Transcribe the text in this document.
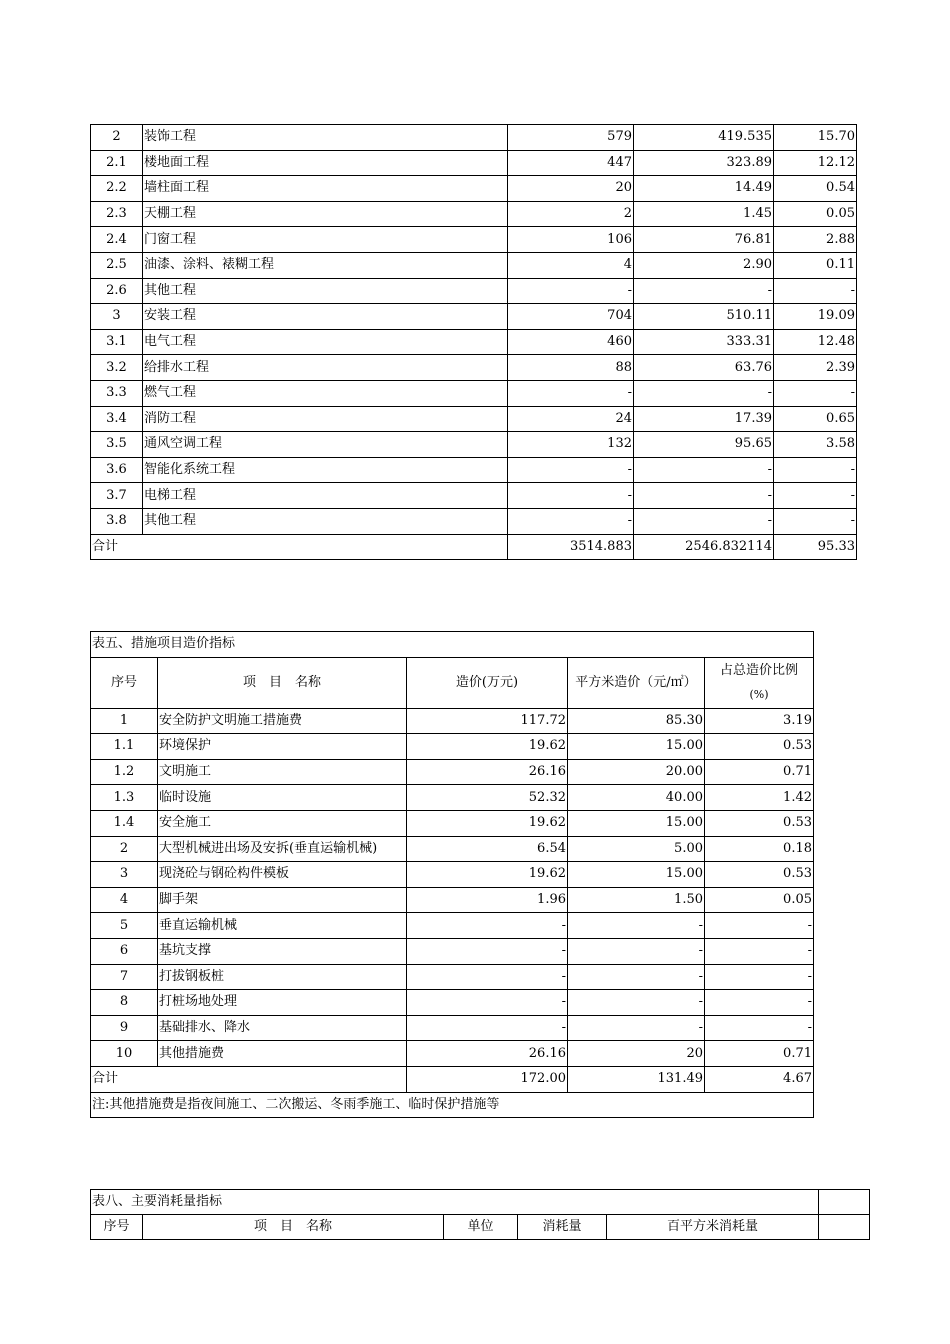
2	装饰工程	579	419.535	15.70
2.1	楼地面工程	447	323.89	12.12
2.2	墙柱面工程	20	14.49	0.54
2.3	天棚工程	2	1.45	0.05
2.4	门窗工程	106	76.81	2.88
2.5	油漆、涂料、裱糊工程	4	2.90	0.11
2.6	其他工程	-	-	-
3	安装工程	704	510.11	19.09
3.1	电气工程	460	333.31	12.48
3.2	给排水工程	88	63.76	2.39
3.3	燃气工程	-	-	-
3.4	消防工程	24	17.39	0.65
3.5	通风空调工程	132	95.65	3.58
3.6	智能化系统工程	-	-	-
3.7	电梯工程	-	-	-
3.8	其他工程	-	-	-
合计		3514.883	2546.832114	95.33
表五、措施项目造价指标				
序号	项　目　名称	造价(万元)	平方米造价（元/㎡）	占总造价比例
(%)

1	安全防护文明施工措施费	117.72	85.30	3.19
1.1	环境保护	19.62	15.00	0.53
1.2	文明施工	26.16	20.00	0.71
1.3	临时设施	52.32	40.00	1.42
1.4	安全施工	19.62	15.00	0.53
2	大型机械进出场及安拆(垂直运输机械)	6.54	5.00	0.18
3	现浇砼与钢砼构件模板	19.62	15.00	0.53
4	脚手架	1.96	1.50	0.05
5	垂直运输机械	-	-	-
6	基坑支撑	-	-	-
7	打拔钢板桩	-	-	-
8	打桩场地处理	-	-	-
9	基础排水、降水	-	-	-
10	其他措施费	26.16	20	0.71
合计		172.00	131.49	4.67
注:其他措施费是指夜间施工、二次搬运、冬雨季施工、临时保护措施等				
表八、主要消耗量指标					
序号	项　目　名称	单位	消耗量	百平方米消耗量	
